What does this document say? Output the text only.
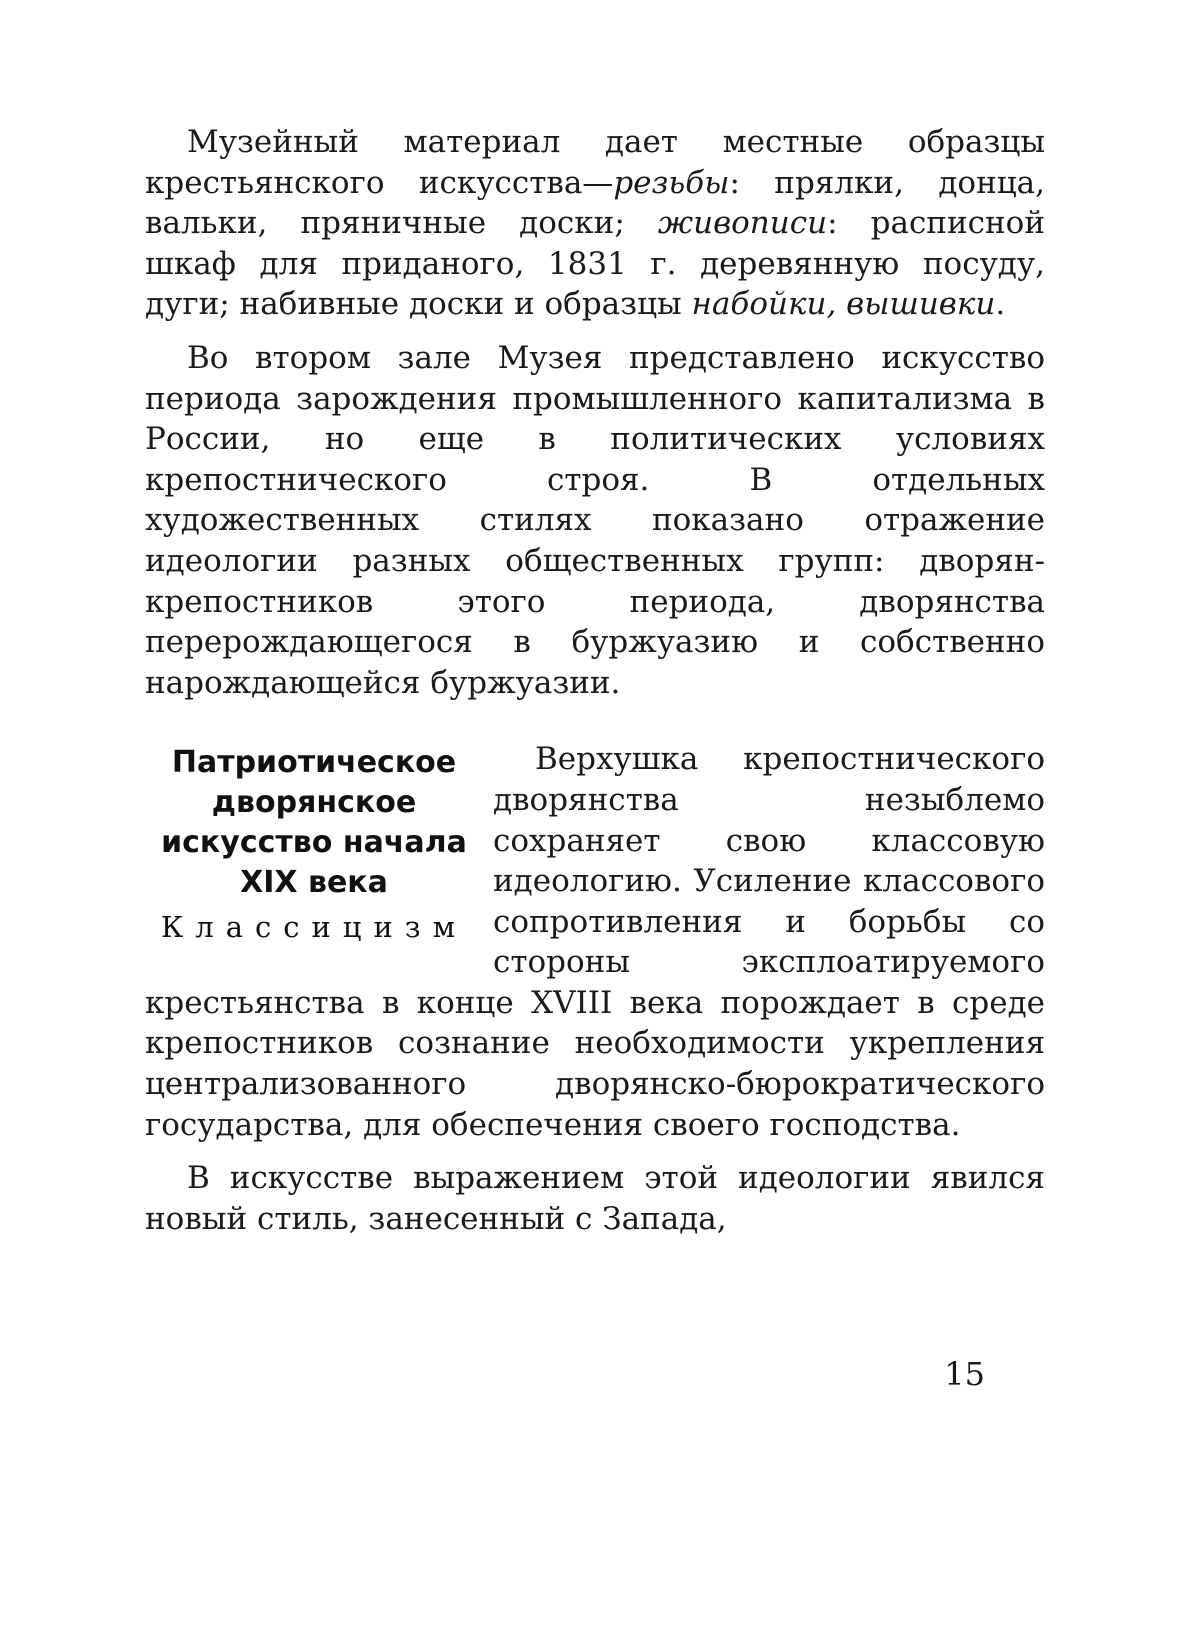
Музейный материал дает местные образцы крестьянского искусства—резьбы: прялки, донца, вальки, пряничные доски; живописи: расписной шкаф для приданого, 1831 г. деревянную посуду, дуги; набивные доски и образцы набойки, вышивки.

Во втором зале Музея представлено искусство периода зарождения промышленного капитализма в России, но еще в политических условиях крепостнического строя. В отдельных художественных стилях показано отражение идеологии разных общественных групп: дворян-крепостников этого периода, дворянства перерождающегося в буржуазию и собственно нарождающейся буржуазии.

Патриотическое дворянское искусство начала XIX века
Классицизм

Верхушка крепостнического дворянства незыблемо сохраняет свою классовую идеологию. Усиление классового сопротивления и борьбы со стороны эксплоатируемого крестьянства в конце XVIII века порождает в среде крепостников сознание необходимости укрепления централизованного дворянско-бюрократического государства, для обеспечения своего господства.

В искусстве выражением этой идеологии явился новый стиль, занесенный с Запада,

15
